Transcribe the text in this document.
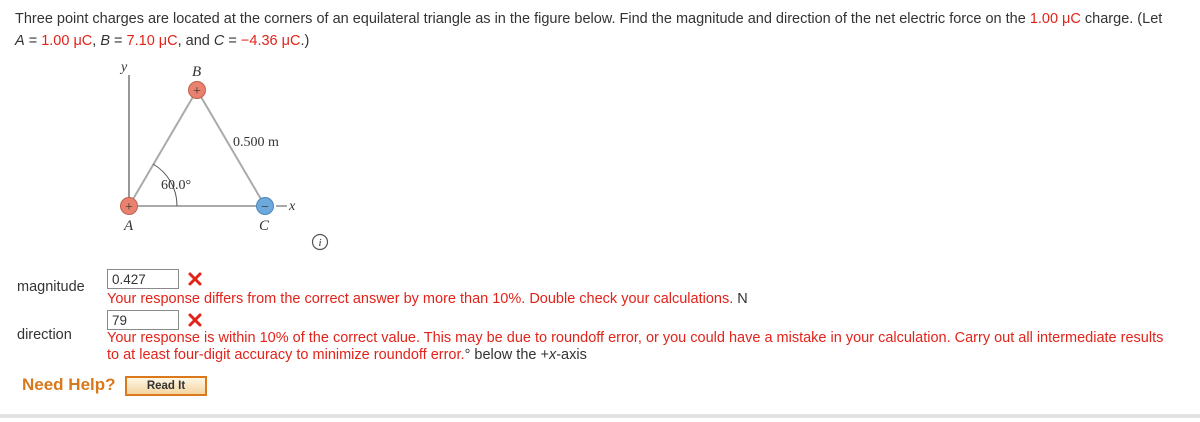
Three point charges are located at the corners of an equilateral triangle as in the figure below. Find the magnitude and direction of the net electric force on the 1.00 μC charge. (Let
A = 1.00 μC, B = 7.10 μC, and C = −4.36 μC.)
y	B
0.500 m
60.0°
x
A	C
+
+	−
i
magnitude
0.427
Your response differs from the correct answer by more than 10%. Double check your calculations. N
direction
79 Your response is within 10% of the correct value. This may be due to roundoff error, or you could have a mistake in your calculation. Carry out all intermediate results
to at least four-digit accuracy to minimize roundoff error.° below the +x-axis
Need Help?	Read It
